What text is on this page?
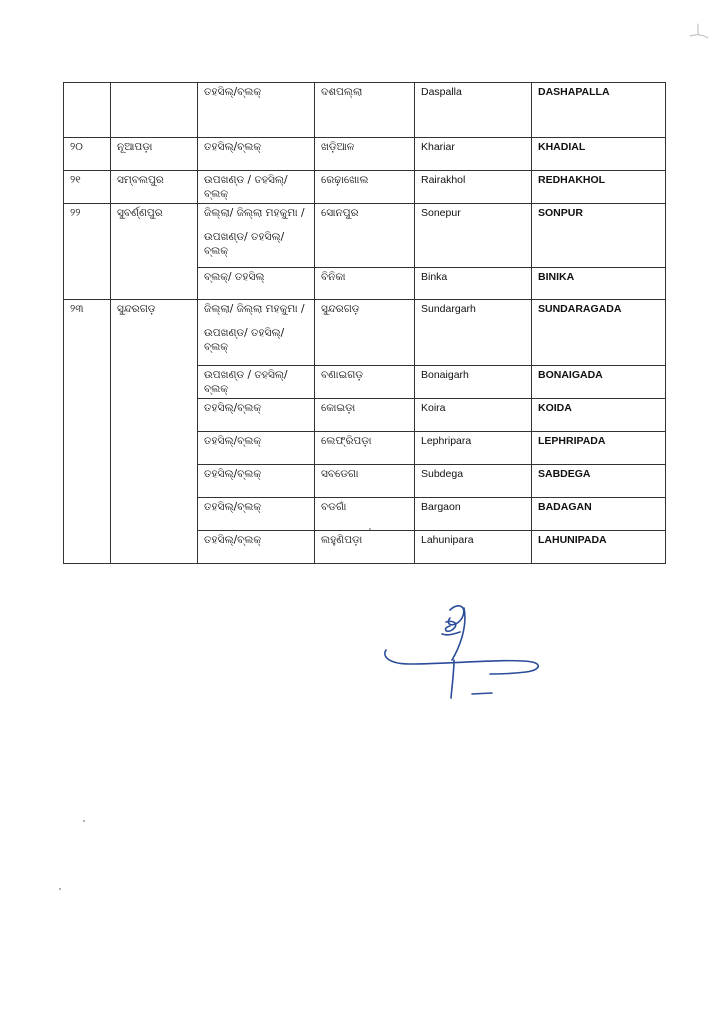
		ତହସିଲ୍/ବ୍ଲକ୍	ଦଶପଲ୍ଲା	Daspalla	DASHAPALLA

୨୦	ନୂଆପଡ଼ା	ତହସିଲ୍/ବ୍ଲକ୍	ଖଡ଼ିଆଳ	Khariar	KHADIAL

୨୧	ସମ୍ବଲପୁର	ଉପଖଣ୍ଡ / ତହସିଲ୍/ବ୍ଲକ୍	ରେଢ଼ାଖୋଲ	Rairakhol	REDHAKHOL

୨୨	ସୁବର୍ଣ୍ଣପୁର	ଜିଲ୍ଲା/ ଜିଲ୍ଲା ମହକୁମା /
ଉପଖଣ୍ଡ/ ତହସିଲ୍/ବ୍ଲକ୍	ସୋନପୁର	Sonepur	SONPUR

		ବ୍ଲକ୍/ ତହସିଲ୍	ବିନିକା	Binka	BINIKA

୨୩	ସୁନ୍ଦରଗଡ଼	ଜିଲ୍ଲା/ ଜିଲ୍ଲା ମହକୁମା /
ଉପଖଣ୍ଡ/ ତହସିଲ୍/ବ୍ଲକ୍	ସୁନ୍ଦରଗଡ଼	Sundargarh	SUNDARAGADA

		ଉପଖଣ୍ଡ / ତହସିଲ୍/ବ୍ଲକ୍	ବଣାଇଗଡ଼	Bonaigarh	BONAIGADA

		ତହସିଲ୍/ବ୍ଲକ୍	କୋଇଡ଼ା	Koira	KOIDA

		ତହସିଲ୍/ବ୍ଲକ୍	ଲେଫ୍ରିପଡ଼ା	Lephripara	LEPHRIPADA

		ତହସିଲ୍/ବ୍ଲକ୍	ସବଡେଗା	Subdega	SABDEGA

		ତହସିଲ୍/ବ୍ଲକ୍	ବଡଗାଁ	Bargaon	BADAGAN

		ତହସିଲ୍/ବ୍ଲକ୍	ଲହୁଣିପଡ଼ା	Lahunipara	LAHUNIPADA
